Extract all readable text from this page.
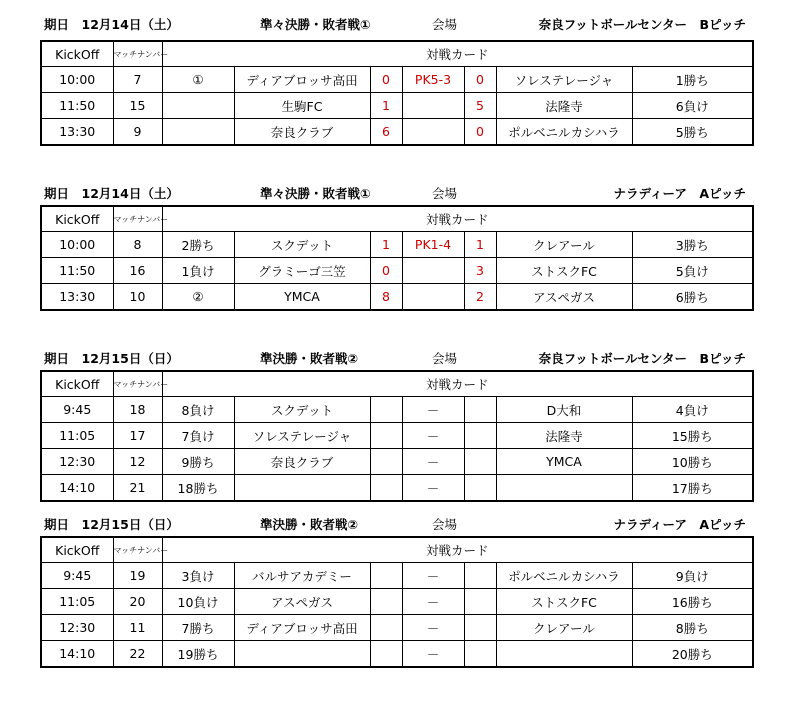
期日　 12月14日（土）	準々決勝・敗者戦①	会場	奈良フットボールセンター　Bピッチ
KickOff	マッチナンバー	対戦カード						
10:00	7	①	ディアブロッサ高田	0	PK5-3	0	ソレステレージャ	1勝ち
11:50	15		生駒FC	1		5	法隆寺	6負け
13:30	9		奈良クラブ	6		0	ポルベニルカシハラ	5勝ち
期日　 12月14日（土）	準々決勝・敗者戦①	会場	ナラディーア　Aピッチ
KickOff	マッチナンバー	対戦カード						
10:00	8	2勝ち	スクデット	1	PK1-4	1	クレアール	3勝ち
11:50	16	1負け	グラミーゴ三笠	0		3	ストスクFC	5負け
13:30	10	②	YMCA	8		2	アスペガス	6勝ち
期日　 12月15日（日）	準決勝・敗者戦②	会場	奈良フットボールセンター　Bピッチ
KickOff	マッチナンバー	対戦カード						
9:45	18	8負け	スクデット		－		D大和	4負け
11:05	17	7負け	ソレステレージャ		－		法隆寺	15勝ち
12:30	12	9勝ち	奈良クラブ		－		YMCA	10勝ち
14:10	21	18勝ち			－			17勝ち
期日　 12月15日（日）	準決勝・敗者戦②	会場	ナラディーア　Aピッチ
KickOff	マッチナンバー	対戦カード						
9:45	19	3負け	バルサアカデミー		－		ポルベニルカシハラ	9負け
11:05	20	10負け	アスペガス		－		ストスクFC	16勝ち
12:30	11	7勝ち	ディアブロッサ高田		－		クレアール	8勝ち
14:10	22	19勝ち			－			20勝ち
